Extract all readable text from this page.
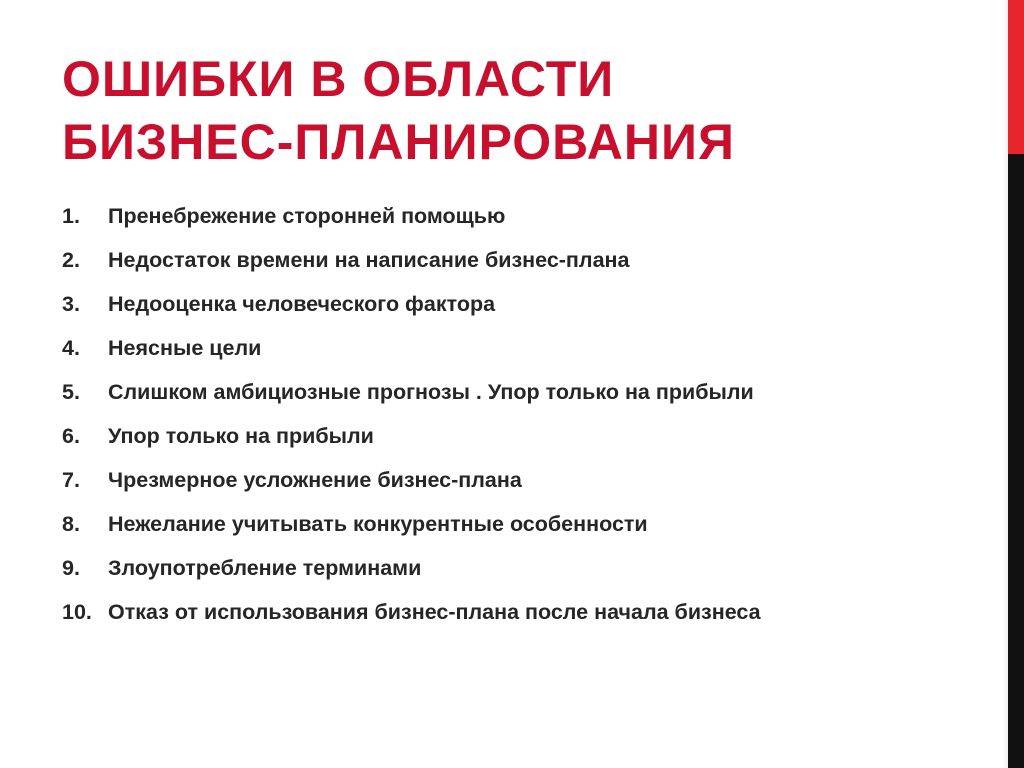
ОШИБКИ В ОБЛАСТИ
БИЗНЕС-ПЛАНИРОВАНИЯ
1.	Пренебрежение сторонней помощью
2.	Недостаток времени на написание бизнес-плана
3.	Недооценка человеческого фактора
4.	Неясные цели
5.	Слишком амбициозные прогнозы . Упор только на прибыли
6.	Упор только на прибыли
7.	Чрезмерное усложнение бизнес-плана
8.	Нежелание учитывать конкурентные особенности
9.	Злоупотребление терминами
10. Отказ от использования бизнес-плана после начала бизнеса
